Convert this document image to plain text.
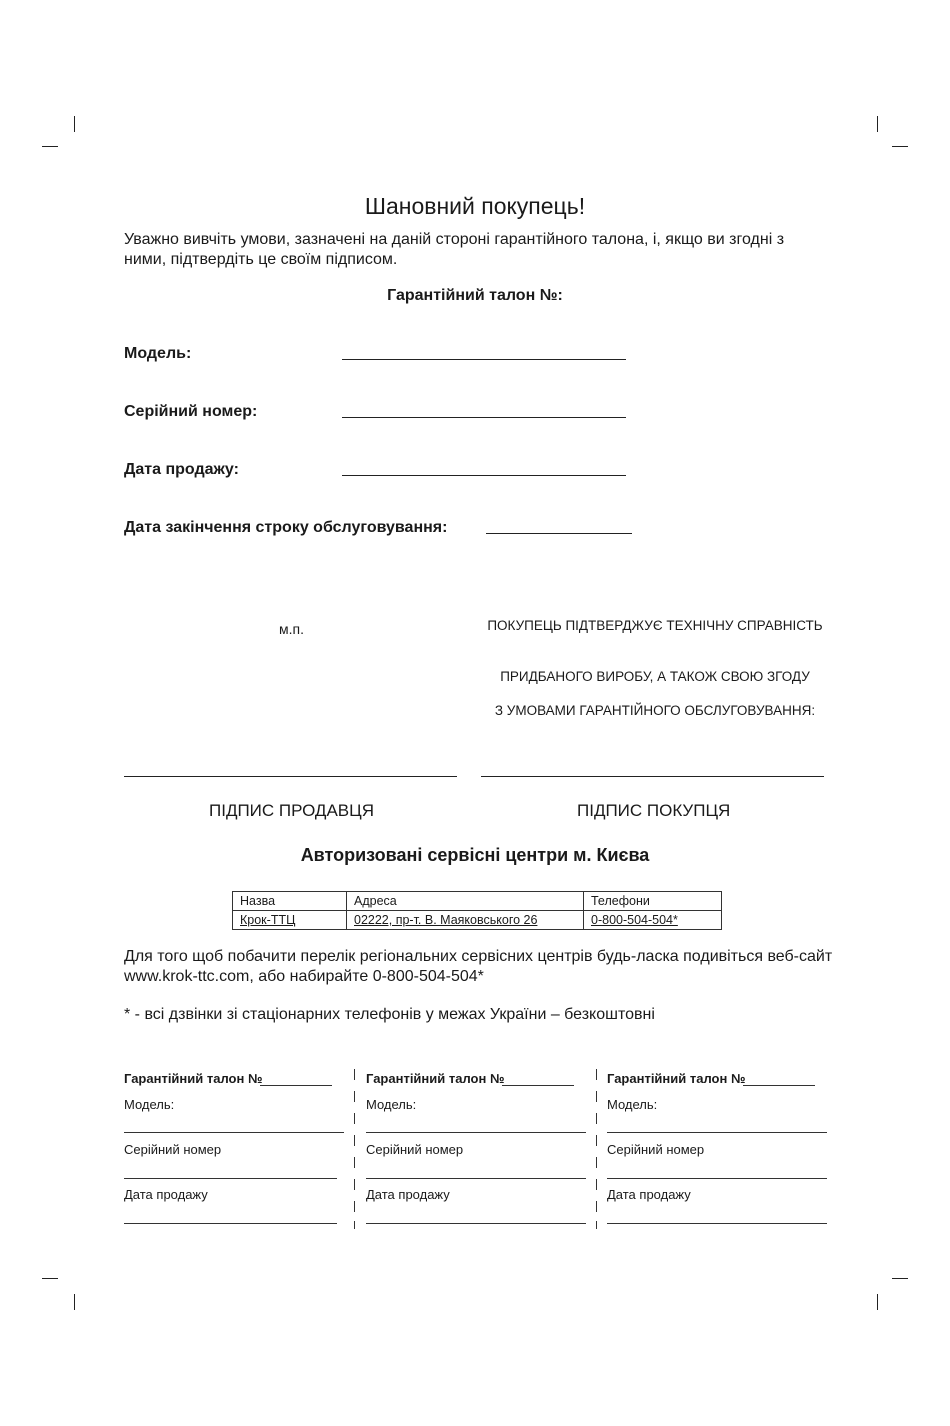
Шановний покупець!
Уважно вивчіть умови, зазначені на даній стороні гарантійного талона, і, якщо ви згодні з ними, підтвердіть це своїм підписом.
Гарантійний талон №:
Модель:
Серійний номер:
Дата продажу:
Дата закінчення строку обслуговування:
м.п.	ПОКУПЕЦЬ ПІДТВЕРДЖУЄ ТЕХНІЧНУ СПРАВНІСТЬ
ПРИДБАНОГО ВИРОБУ, А ТАКОЖ СВОЮ ЗГОДУ
З УМОВАМИ ГАРАНТІЙНОГО ОБСЛУГОВУВАННЯ:
ПІДПИС ПРОДАВЦЯ	ПІДПИС ПОКУПЦЯ
Авторизовані сервісні центри м. Києва
Назва	Адреса	Телефони
Крок-ТТЦ	02222, пр-т. В. Маяковського 26	0-800-504-504*
Для того щоб побачити перелік регіональних сервісних центрів будь-ласка подивіться веб-сайт www.krok-ttc.com, або набирайте 0-800-504-504*
* - всі дзвінки зі стаціонарних телефонів у межах України – безкоштовні
Гарантійний талон №
Модель:
Серійний номер
Дата продажу
Гарантійний талон №
Модель:
Серійний номер
Дата продажу
Гарантійний талон №
Модель:
Серійний номер
Дата продажу
